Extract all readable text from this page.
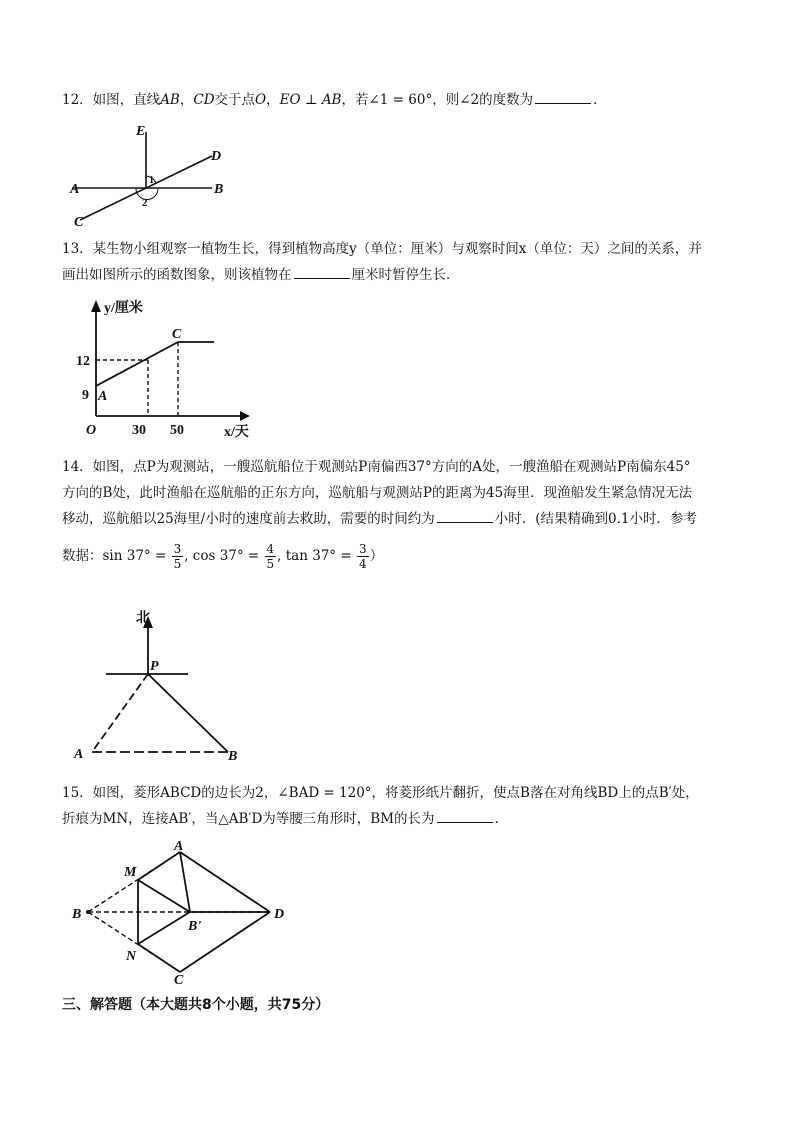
12．如图，直线AB，CD交于点O，EO ⊥ AB，若∠1 = 60°，则∠2的度数为	．
E
D
A	B
C
1
2
13．某生物小组观察一植物生长，得到植物高度y（单位：厘米）与观察时间x（单位：天）之间的关系，并
画出如图所示的函数图象，则该植物在	厘米时暂停生长．
y/厘米
x/天
12
9
30 50
O
A
C
14．如图，点P为观测站，一艘巡航船位于观测站P南偏西37°方向的A处，一艘渔船在观测站P南偏东45°
方向的B处，此时渔船在巡航船的正东方向，巡航船与观测站P的距离为45海里．现渔船发生紧急情况无法
移动，巡航船以25海里/小时的速度前去救助，需要的时间约为	小时．(结果精确到0.1小时．参考
数据：$\sin 37^\circ = \frac{3}{5}$ , $\cos 37^\circ = \frac{4}{5}$ , $\tan 37^\circ = \frac{3}{4}$ ）
北
P
A	B
15．如图，菱形ABCD的边长为2，∠BAD = 120°，将菱形纸片翻折，使点B落在对角线BD上的点B′处，
折痕为MN，连接AB′，当△AB′D为等腰三角形时，BM的长为	．
A
M
B
B'
D
N
C
三、解答题（本大题共8个小题，共75分）
